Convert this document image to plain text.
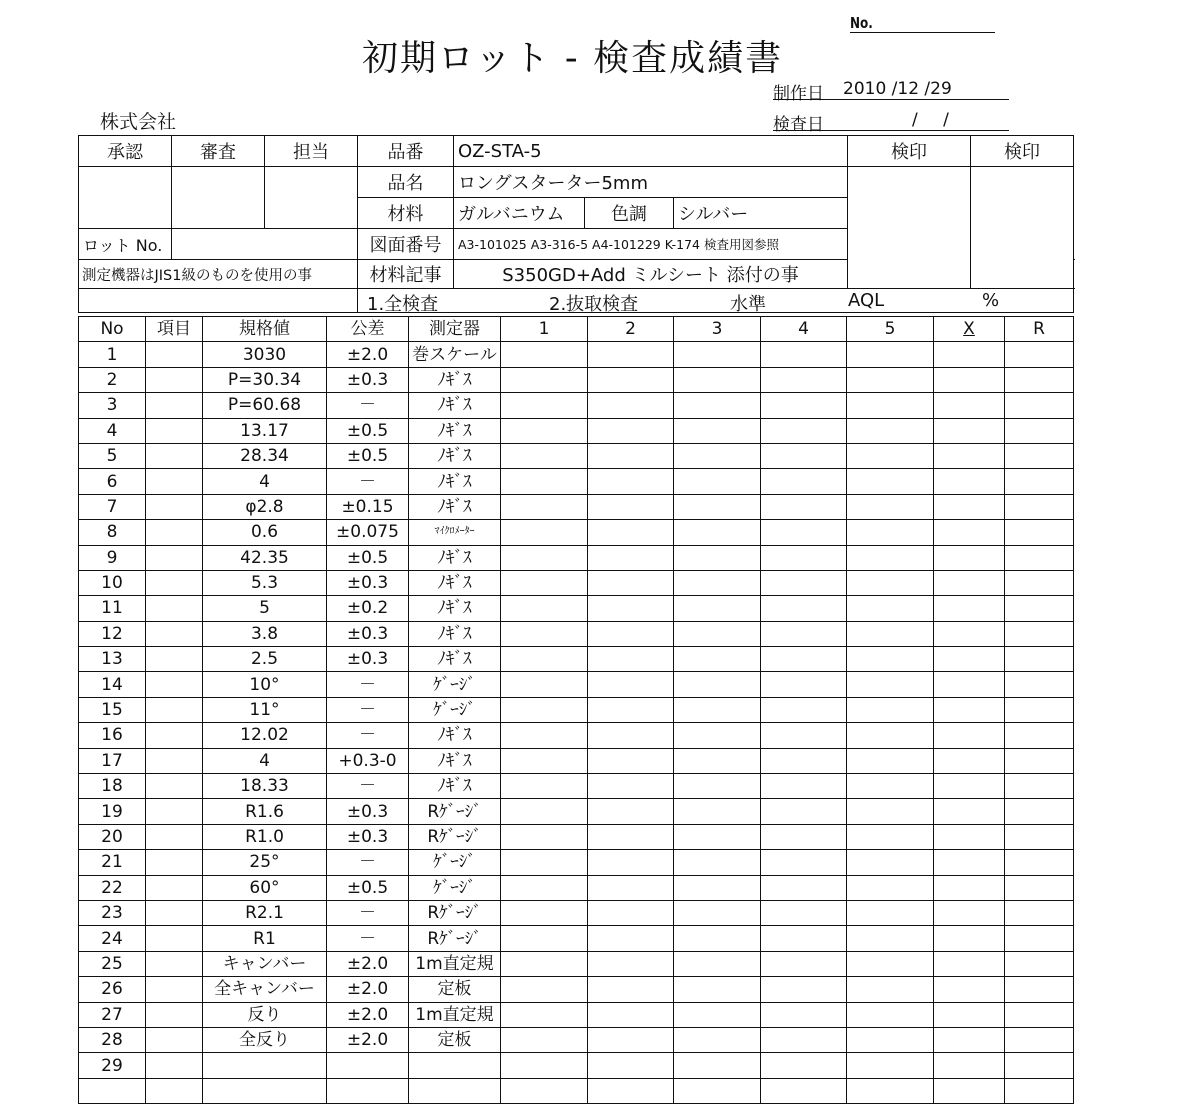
No.
初期ロット - 検査成績書
制作日 2010 /12 /29
検査日	/ /
株式会社
承認	審査	担当	品番	OZ-STA-5			検印	検印	
			品名	ロングスターター5mm					
			材料	ガルバニウム	色調	シルバー			
ロット No.			図面番号	A3-101025 A3-316-5 A4-101229 K-174 検査用図参照					
測定機器はJIS1級のものを使用の事			材料記事	S350GD+Add ミルシート 添付の事	

			1.全検査 2.抜取検査 水準 AQL %						
No	項目	規格値	公差	測定器	1	2	3	4	5	X	R
1		3030	±2.0	巻スケール							
2		P=30.34	±0.3	ﾉｷﾞｽ							
3		P=60.68	－	ﾉｷﾞｽ							
4		13.17	±0.5	ﾉｷﾞｽ							
5		28.34	±0.5	ﾉｷﾞｽ							
6		4	－	ﾉｷﾞｽ							
7		φ2.8	±0.15	ﾉｷﾞｽ							
8		0.6	±0.075	ﾏｲｸﾛﾒｰﾀｰ							
9		42.35	±0.5	ﾉｷﾞｽ							
10		5.3	±0.3	ﾉｷﾞｽ							
11		5	±0.2	ﾉｷﾞｽ							
12		3.8	±0.3	ﾉｷﾞｽ							
13		2.5	±0.3	ﾉｷﾞｽ							
14		10°	－	ｹﾞｰｼﾞ							
15		11°	－	ｹﾞｰｼﾞ							
16		12.02	－	ﾉｷﾞｽ							
17		4	+0.3-0	ﾉｷﾞｽ							
18		18.33	－	ﾉｷﾞｽ							
19		R1.6	±0.3	Rｹﾞｰｼﾞ							
20		R1.0	±0.3	Rｹﾞｰｼﾞ							
21		25°	－	ｹﾞｰｼﾞ							
22		60°	±0.5	ｹﾞｰｼﾞ							
23		R2.1	－	Rｹﾞｰｼﾞ							
24		R1	－	Rｹﾞｰｼﾞ							
25		キャンバー	±2.0	1m直定規							
26		全キャンバー	±2.0	定板							
27		反り	±2.0	1m直定規							
28		全反り	±2.0	定板							
29											
